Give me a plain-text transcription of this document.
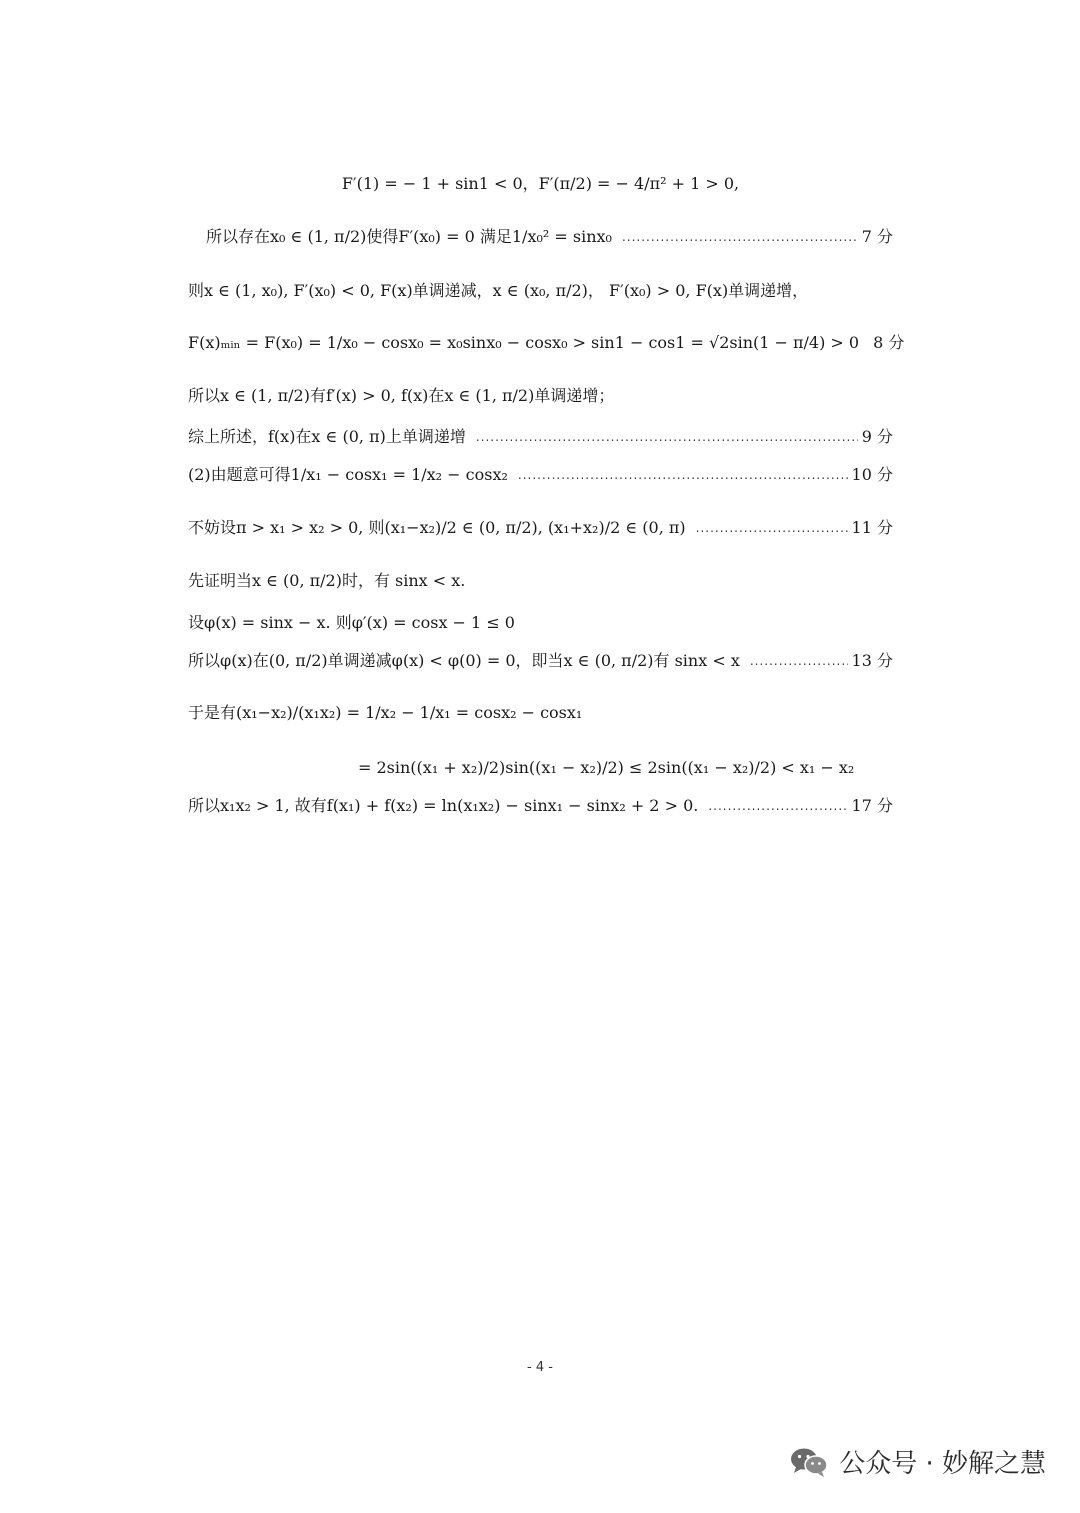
F′(1) = − 1 + sin1 < 0，F′(π/2) = − 4/π² + 1 > 0,
所以存在x₀ ∈ (1, π/2)使得F′(x₀) = 0 满足1/x₀² = sinx₀ .....	7 分
则x ∈ (1, x₀), F′(x₀) < 0, F(x)单调递减，x ∈ (x₀, π/2)， F′(x₀) > 0, F(x)单调递增，
F(x)ₘᵢₙ = F(x₀) = 1/x₀ − cosx₀ = x₀sinx₀ − cosx₀ > sin1 − cos1 = √2sin(1 − π/4) > 0 8 分
所以x ∈ (1, π/2)有f′(x) > 0, f(x)在x ∈ (1, π/2)单调递增；
综上所述，f(x)在x ∈ (0, π)上单调递增 .....	9 分
(2)由题意可得1/x₁ − cosx₁ = 1/x₂ − cosx₂ .....	10 分
不妨设π > x₁ > x₂ > 0, 则(x₁−x₂)/2 ∈ (0, π/2), (x₁+x₂)/2 ∈ (0, π) .....	11 分
先证明当x ∈ (0, π/2)时，有 sinx < x.
设φ(x) = sinx − x. 则φ′(x) = cosx − 1 ≤ 0
所以φ(x)在(0, π/2)单调递减φ(x) < φ(0) = 0，即当x ∈ (0, π/2)有 sinx < x .....	13 分
于是有(x₁−x₂)/(x₁x₂) = 1/x₂ − 1/x₁ = cosx₂ − cosx₁
= 2sin((x₁ + x₂)/2)sin((x₁ − x₂)/2) ≤ 2sin((x₁ − x₂)/2) < x₁ − x₂
所以x₁x₂ > 1, 故有f(x₁) + f(x₂) = ln(x₁x₂) − sinx₁ − sinx₂ + 2 > 0. .....	17 分
- 4 -
公众号 · 妙解之慧
